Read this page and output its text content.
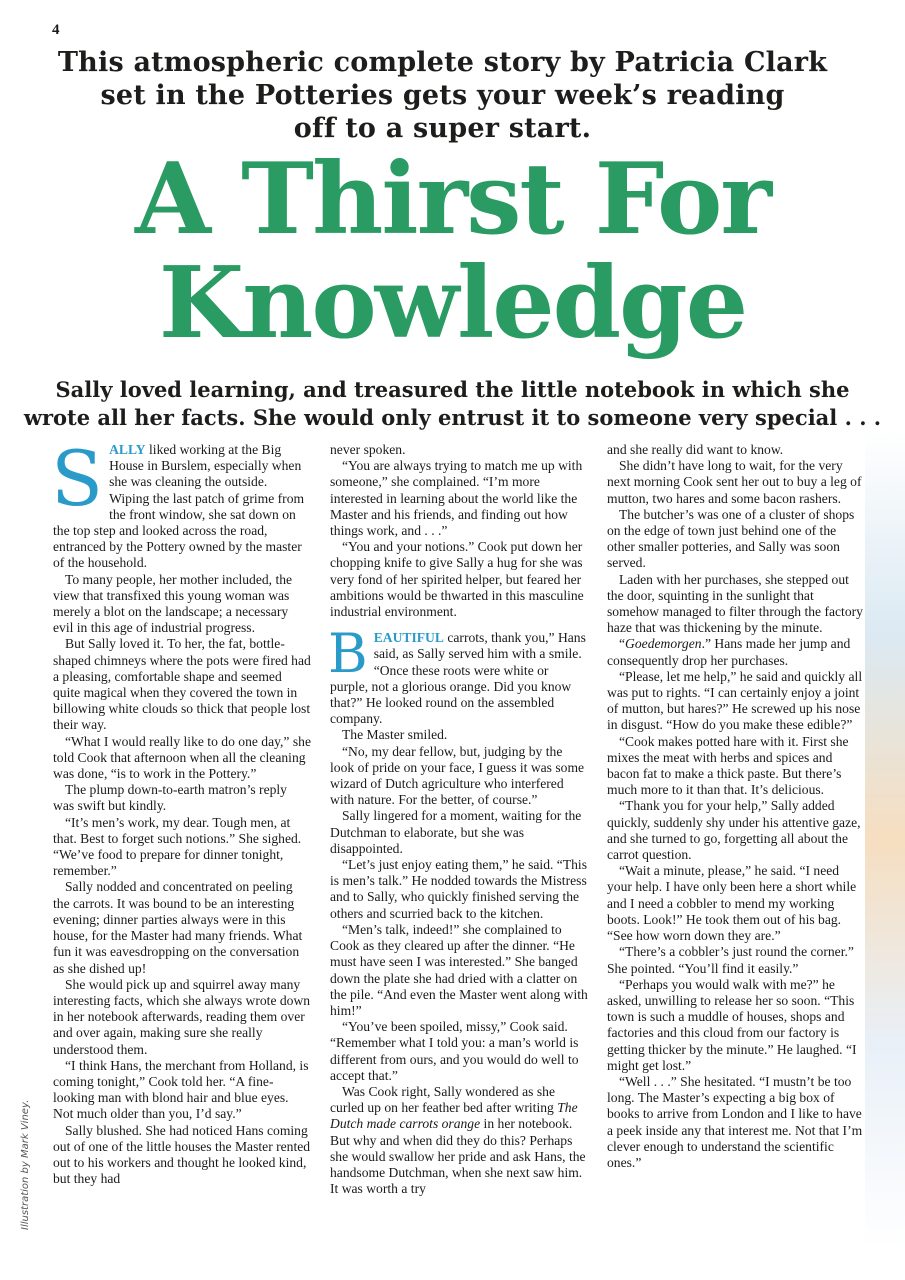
4
This atmospheric complete story by Patricia Clark
set in the Potteries gets your week’s reading
off to a super start.
A Thirst For
Knowledge
Sally loved learning, and treasured the little notebook in which she
wrote all her facts. She would only entrust it to someone very special . . .

SALLY liked working at the Big House in Burslem, especially when she was cleaning the outside.

Wiping the last patch of grime from the front window, she sat down on the top step and looked across the road, entranced by the Pottery owned by the master of the household.

To many people, her mother included, the view that transfixed this young woman was merely a blot on the landscape; a necessary evil in this age of industrial progress.

But Sally loved it. To her, the fat, bottle-shaped chimneys where the pots were fired had a pleasing, comfortable shape and seemed quite magical when they covered the town in billowing white clouds so thick that people lost their way.

“What I would really like to do one day,” she told Cook that afternoon when all the cleaning was done, “is to work in the Pottery.”

The plump down-to-earth matron’s reply was swift but kindly.

“It’s men’s work, my dear. Tough men, at that. Best to forget such notions.” She sighed. “We’ve food to prepare for dinner tonight, remember.”

Sally nodded and concentrated on peeling the carrots. It was bound to be an interesting evening; dinner parties always were in this house, for the Master had many friends. What fun it was eavesdropping on the conversation as she dished up!

She would pick up and squirrel away many interesting facts, which she always wrote down in her notebook afterwards, reading them over and over again, making sure she really understood them.

“I think Hans, the merchant from Holland, is coming tonight,” Cook told her. “A fine-looking man with blond hair and blue eyes. Not much older than you, I’d say.”

Sally blushed. She had noticed Hans coming out of one of the little houses the Master rented out to his workers and thought he looked kind, but they had

never spoken.

“You are always trying to match me up with someone,” she complained. “I’m more interested in learning about the world like the Master and his friends, and finding out how things work, and . . .”

“You and your notions.” Cook put down her chopping knife to give Sally a hug for she was very fond of her spirited helper, but feared her ambitions would be thwarted in this masculine industrial environment.

BEAUTIFUL carrots, thank you,” Hans said, as Sally served him with a smile. “Once these roots were white or purple, not a glorious orange. Did you know that?” He looked round on the assembled company.

The Master smiled.

“No, my dear fellow, but, judging by the look of pride on your face, I guess it was some wizard of Dutch agriculture who interfered with nature. For the better, of course.”

Sally lingered for a moment, waiting for the Dutchman to elaborate, but she was disappointed.

“Let’s just enjoy eating them,” he said. “This is men’s talk.” He nodded towards the Mistress and to Sally, who quickly finished serving the others and scurried back to the kitchen.

“Men’s talk, indeed!” she complained to Cook as they cleared up after the dinner. “He must have seen I was interested.” She banged down the plate she had dried with a clatter on the pile. “And even the Master went along with him!”

“You’ve been spoiled, missy,” Cook said. “Remember what I told you: a man’s world is different from ours, and you would do well to accept that.”

Was Cook right, Sally wondered as she curled up on her feather bed after writing The Dutch made carrots orange in her notebook. But why and when did they do this? Perhaps she would swallow her pride and ask Hans, the handsome Dutchman, when she next saw him. It was worth a try

and she really did want to know.

She didn’t have long to wait, for the very next morning Cook sent her out to buy a leg of mutton, two hares and some bacon rashers.

The butcher’s was one of a cluster of shops on the edge of town just behind one of the other smaller potteries, and Sally was soon served.

Laden with her purchases, she stepped out the door, squinting in the sunlight that somehow managed to filter through the factory haze that was thickening by the minute.

“Goedemorgen.” Hans made her jump and consequently drop her purchases.

“Please, let me help,” he said and quickly all was put to rights. “I can certainly enjoy a joint of mutton, but hares?” He screwed up his nose in disgust. “How do you make these edible?”

“Cook makes potted hare with it. First she mixes the meat with herbs and spices and bacon fat to make a thick paste. But there’s much more to it than that. It’s delicious.

“Thank you for your help,” Sally added quickly, suddenly shy under his attentive gaze, and she turned to go, forgetting all about the carrot question.

“Wait a minute, please,” he said. “I need your help. I have only been here a short while and I need a cobbler to mend my working boots. Look!” He took them out of his bag. “See how worn down they are.”

“There’s a cobbler’s just round the corner.” She pointed. “You’ll find it easily.”

“Perhaps you would walk with me?” he asked, unwilling to release her so soon. “This town is such a muddle of houses, shops and factories and this cloud from our factory is getting thicker by the minute.” He laughed. “I might get lost.”

“Well . . .” She hesitated. “I mustn’t be too long. The Master’s expecting a big box of books to arrive from London and I like to have a peek inside any that interest me. Not that I’m clever enough to understand the scientific ones.”

Illustration by Mark Viney.
